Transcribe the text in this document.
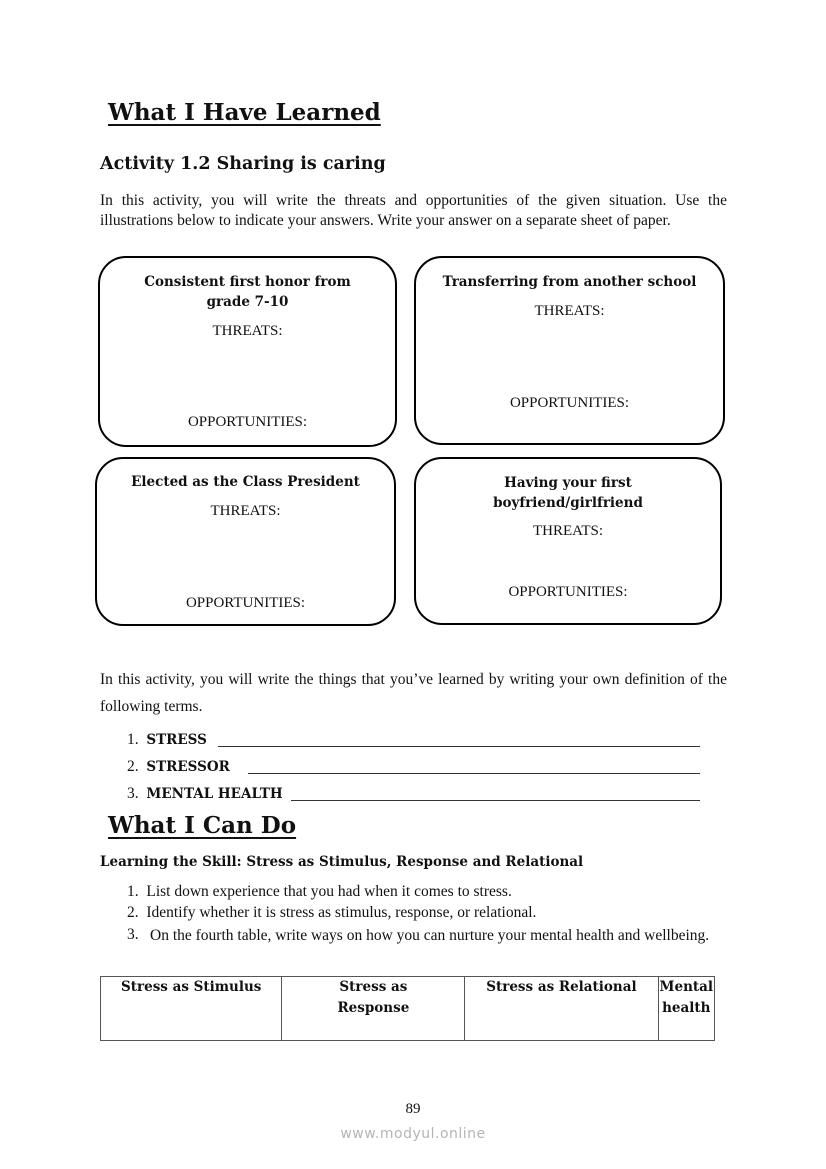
What I Have Learned
Activity 1.2 Sharing is caring
In this activity, you will write the threats and opportunities of the given situation. Use the illustrations below to indicate your answers. Write your answer on a separate sheet of paper.
Consistent first honor from grade 7-10
THREATS:
OPPORTUNITIES:
Transferring from another school
THREATS:
OPPORTUNITIES:
Elected as the Class President
THREATS:
OPPORTUNITIES:
Having your first boyfriend/girlfriend
THREATS:
OPPORTUNITIES:
In this activity, you will write the things that you’ve learned by writing your own definition of the following terms.
1. STRESS
2. STRESSOR
3. MENTAL HEALTH
What I Can Do
Learning the Skill: Stress as Stimulus, Response and Relational
1. List down experience that you had when it comes to stress.
2. Identify whether it is stress as stimulus, response, or relational.
3. On the fourth table, write ways on how you can nurture your mental health and wellbeing.
Stress as Stimulus	Stress as Response	Stress as Relational	Mental health
89
www.modyul.online
